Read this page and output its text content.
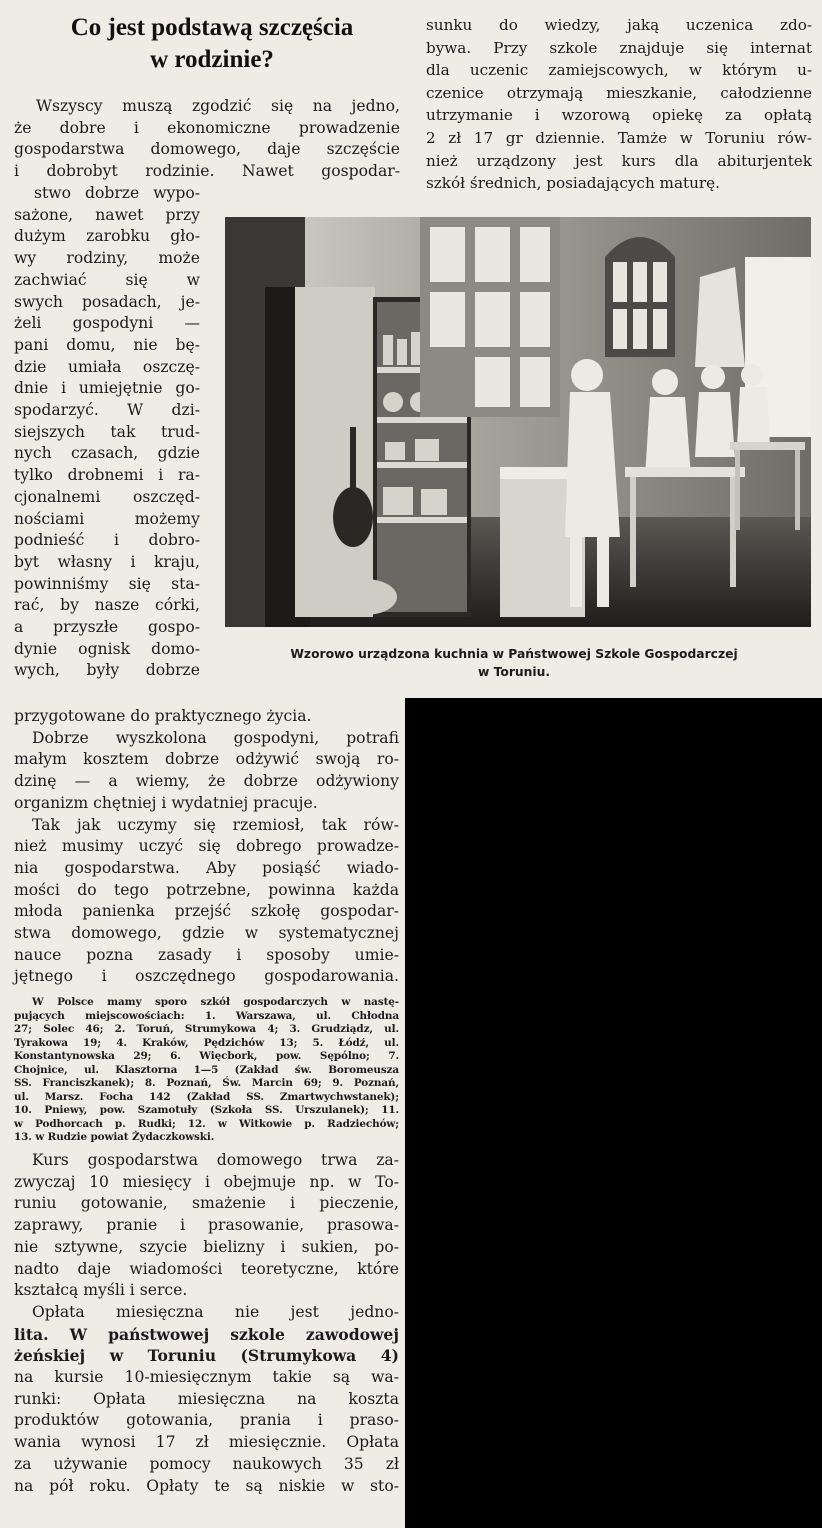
Co jest podstawą szczęścia
w rodzinie?
Wszyscy muszą zgodzić się na jedno,
że dobre i ekonomiczne prowadzenie
gospodarstwa domowego, daje szczęście
i dobrobyt rodzinie. Nawet gospodar-
stwo dobrze wypo-
sażone, nawet przy
dużym zarobku gło-
wy rodziny, może
zachwiać się w
swych posadach, je-
żeli gospodyni —
pani domu, nie bę-
dzie umiała oszczę-
dnie i umiejętnie go-
spodarzyć. W dzi-
siejszych tak trud-
nych czasach, gdzie
tylko drobnemi i ra-
cjonalnemi oszczęd-
nościami możemy
podnieść i dobro-
byt własny i kraju,
powinniśmy się sta-
rać, by nasze córki,
a przyszłe gospo-
dynie ognisk domo-
wych, były dobrze
sunku do wiedzy, jaką uczenica zdo-
bywa. Przy szkole znajduje się internat
dla uczenic zamiejscowych, w którym u-
czenice otrzymają mieszkanie, całodzienne
utrzymanie i wzorową opiekę za opłatą
2 zł 17 gr dziennie. Tamże w Toruniu rów-
nież urządzony jest kurs dla abiturjentek
szkół średnich, posiadających maturę.
Wzorowo urządzona kuchnia w Państwowej Szkole Gospodarczej
w Toruniu.
przygotowane do praktycznego życia.
Dobrze wyszkolona gospodyni, potrafi
małym kosztem dobrze odżywić swoją ro-
dzinę — a wiemy, że dobrze odżywiony
organizm chętniej i wydatniej pracuje.
Tak jak uczymy się rzemiosł, tak rów-
nież musimy uczyć się dobrego prowadze-
nia gospodarstwa. Aby posiąść wiado-
mości do tego potrzebne, powinna każda
młoda panienka przejść szkołę gospodar-
stwa domowego, gdzie w systematycznej
nauce pozna zasady i sposoby umie-
jętnego i oszczędnego gospodarowania.
W Polsce mamy sporo szkół gospodarczych w nastę-
pujących miejscowościach: 1. Warszawa, ul. Chłodna
27; Solec 46; 2. Toruń, Strumykowa 4; 3. Grudziądz, ul.
Tyrakowa 19; 4. Kraków, Pędzichów 13; 5. Łódź, ul.
Konstantynowska 29; 6. Więcbork, pow. Sępólno; 7.
Chojnice, ul. Klasztorna 1—5 (Zakład św. Boromeusza
SS. Franciszkanek); 8. Poznań, Św. Marcin 69; 9. Poznań,
ul. Marsz. Focha 142 (Zakład SS. Zmartwychwstanek);
10. Pniewy, pow. Szamotuły (Szkoła SS. Urszulanek); 11.
w Podhorcach p. Rudki; 12. w Witkowie p. Radziechów;
13. w Rudzie powiat Żydaczkowski.
Kurs gospodarstwa domowego trwa za-
zwyczaj 10 miesięcy i obejmuje np. w To-
runiu gotowanie, smażenie i pieczenie,
zaprawy, pranie i prasowanie, prasowa-
nie sztywne, szycie bielizny i sukien, po-
nadto daje wiadomości teoretyczne, które
kształcą myśli i serce.
Opłata miesięczna nie jest jedno-
lita. W państwowej szkole zawodowej
żeńskiej w Toruniu (Strumykowa 4)
na kursie 10-miesięcznym takie są wa-
runki: Opłata miesięczna na koszta
produktów gotowania, prania i praso-
wania wynosi 17 zł miesięcznie. Opłata
za używanie pomocy naukowych 35 zł
na pół roku. Opłaty te są niskie w sto-
